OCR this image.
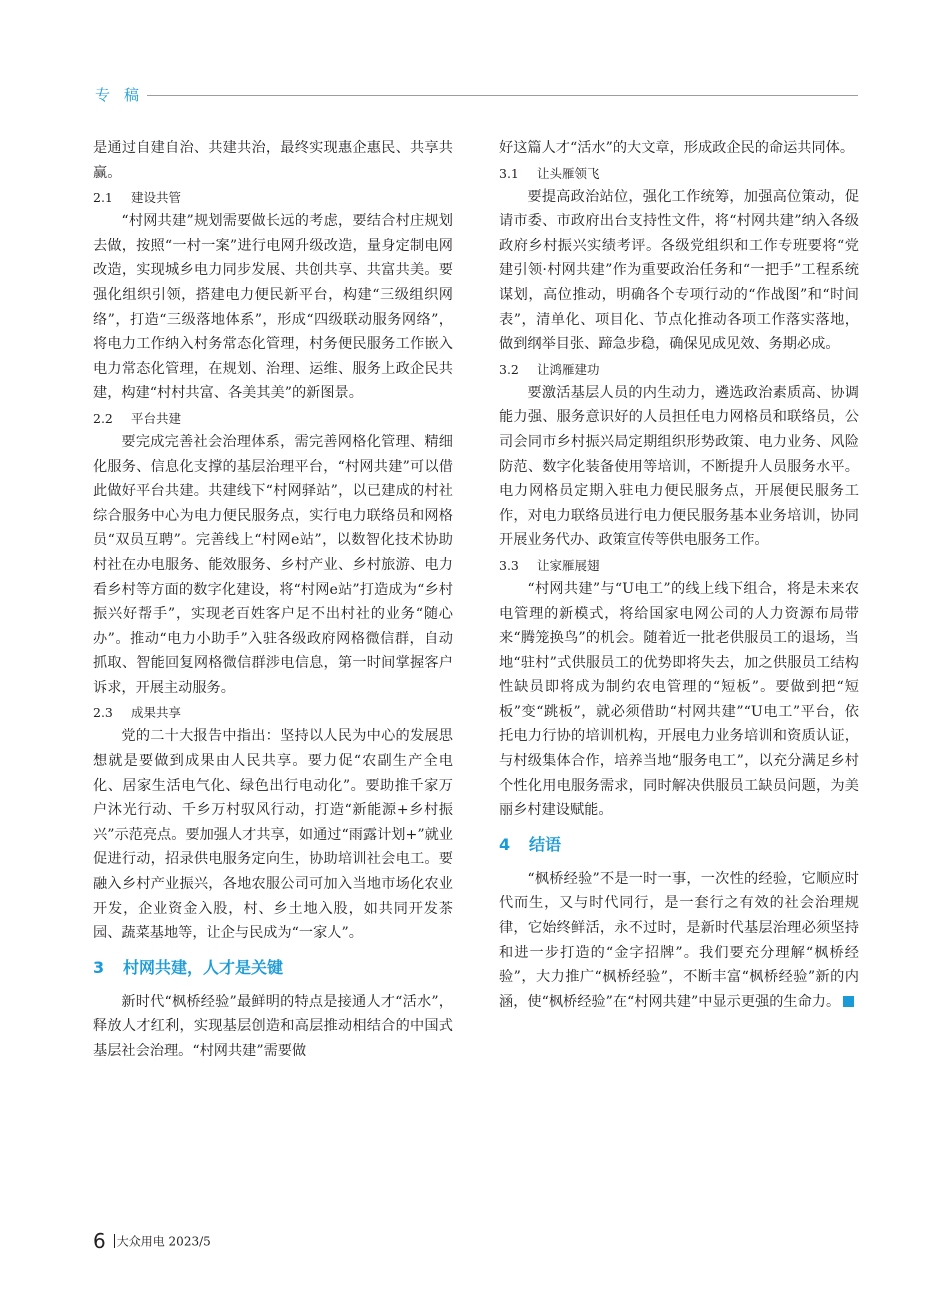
专稿

是通过自建自治、共建共治，最终实现惠企惠民、共享共赢。

2.1 建设共管

“村网共建”规划需要做长远的考虑，要结合村庄规划去做，按照“一村一案”进行电网升级改造，量身定制电网改造，实现城乡电力同步发展、共创共享、共富共美。要强化组织引领，搭建电力便民新平台，构建“三级组织网络”，打造“三级落地体系”，形成“四级联动服务网络”，将电力工作纳入村务常态化管理，村务便民服务工作嵌入电力常态化管理，在规划、治理、运维、服务上政企民共建，构建“村村共富、各美其美”的新图景。

2.2 平台共建

要完成完善社会治理体系，需完善网格化管理、精细化服务、信息化支撑的基层治理平台，“村网共建”可以借此做好平台共建。共建线下“村网驿站”，以已建成的村社综合服务中心为电力便民服务点，实行电力联络员和网格员“双员互聘”。完善线上“村网e站”，以数智化技术协助村社在办电服务、能效服务、乡村产业、乡村旅游、电力看乡村等方面的数字化建设，将“村网e站”打造成为“乡村振兴好帮手”，实现老百姓客户足不出村社的业务“随心办”。推动“电力小助手”入驻各级政府网格微信群，自动抓取、智能回复网格微信群涉电信息，第一时间掌握客户诉求，开展主动服务。

2.3 成果共享

党的二十大报告中指出：坚持以人民为中心的发展思想就是要做到成果由人民共享。要力促“农副生产全电化、居家生活电气化、绿色出行电动化”。要助推千家万户沐光行动、千乡万村驭风行动，打造“新能源+乡村振兴”示范亮点。要加强人才共享，如通过“雨露计划+”就业促进行动，招录供电服务定向生，协助培训社会电工。要融入乡村产业振兴，各地农服公司可加入当地市场化农业开发，企业资金入股，村、乡土地入股，如共同开发茶园、蔬菜基地等，让企与民成为“一家人”。

3 村网共建，人才是关键

新时代“枫桥经验”最鲜明的特点是接通人才“活水”，释放人才红利，实现基层创造和高层推动相结合的中国式基层社会治理。“村网共建”需要做

好这篇人才“活水”的大文章，形成政企民的命运共同体。

3.1 让头雁领飞

要提高政治站位，强化工作统筹，加强高位策动，促请市委、市政府出台支持性文件，将“村网共建”纳入各级政府乡村振兴实绩考评。各级党组织和工作专班要将“党建引领·村网共建”作为重要政治任务和“一把手”工程系统谋划，高位推动，明确各个专项行动的“作战图”和“时间表”，清单化、项目化、节点化推动各项工作落实落地，做到纲举目张、蹄急步稳，确保见成见效、务期必成。

3.2 让鸿雁建功

要激活基层人员的内生动力，遴选政治素质高、协调能力强、服务意识好的人员担任电力网格员和联络员，公司会同市乡村振兴局定期组织形势政策、电力业务、风险防范、数字化装备使用等培训，不断提升人员服务水平。电力网格员定期入驻电力便民服务点，开展便民服务工作，对电力联络员进行电力便民服务基本业务培训，协同开展业务代办、政策宣传等供电服务工作。

3.3 让家雁展翅

“村网共建”与“U电工”的线上线下组合，将是未来农电管理的新模式，将给国家电网公司的人力资源布局带来“腾笼换鸟”的机会。随着近一批老供服员工的退场，当地“驻村”式供服员工的优势即将失去，加之供服员工结构性缺员即将成为制约农电管理的“短板”。要做到把“短板”变“跳板”，就必须借助“村网共建”“U电工”平台，依托电力行协的培训机构，开展电力业务培训和资质认证，与村级集体合作，培养当地“服务电工”，以充分满足乡村个性化用电服务需求，同时解决供服员工缺员问题，为美丽乡村建设赋能。

4 结语

“枫桥经验”不是一时一事，一次性的经验，它顺应时代而生，又与时代同行，是一套行之有效的社会治理规律，它始终鲜活，永不过时，是新时代基层治理必须坚持和进一步打造的“金字招牌”。我们要充分理解“枫桥经验”，大力推广“枫桥经验”，不断丰富“枫桥经验”新的内涵，使“枫桥经验”在“村网共建”中显示更强的生命力。

6 大众用电 2023/5
